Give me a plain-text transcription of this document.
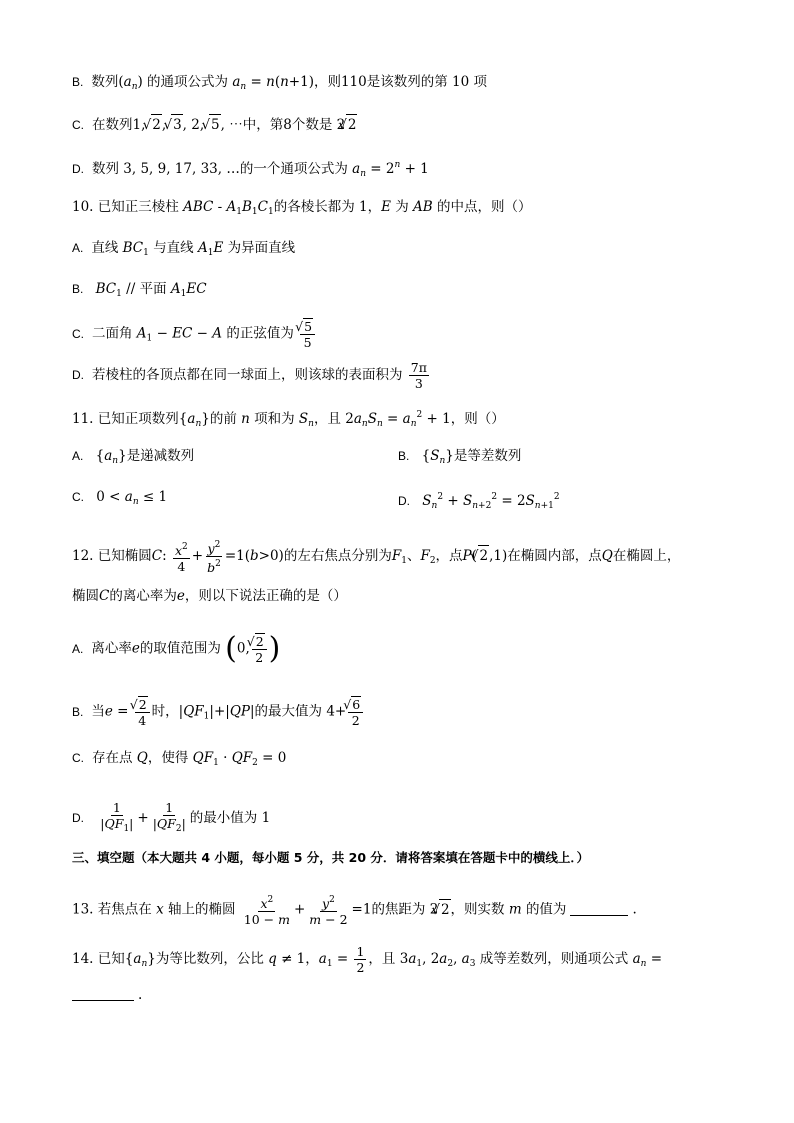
B. 数列$(a_n)$ 的通项公式为 $a_n = n(n+1)$，则110是该数列的第 10 项
C. 在数列1, √ 2, √ 3, 2, √ 5, ⋯中，第8个数是 2 √ 2
D. 数列 3, 5, 9, 17, 33, …的一个通项公式为 $a_n = 2^n + 1$
10. 已知正三棱柱 ABC - $A_1B_1C_1$的各棱长都为 1，E 为 AB 的中点，则（）
A. 直线 $BC_1$ 与直线 $A_1E$ 为异面直线
B. $BC_1$ // 平面 $A_1EC$
C. 二面角 $A_1$ − EC − A 的正弦值为 √ $\frac{5}{5}$
D. 若棱柱的各顶点都在同一球面上，则该球的表面积为 $\frac{7\pi}{3}$
11. 已知正项数列$\{a_n\}$的前 n 项和为 $S_n$，且 $2a_nS_n = a_n^2 + 1$，则（）
A. $\{a_n\}$是递减数列	B. $\{S_n\}$是等差数列
C. $0 < a_n \le 1$	D. $S_n^2 + S_{n+2}^2 = 2S_{n+1}^2$
12. 已知椭圆C: $\frac{x^2}{4} + \frac{y^2}{b^2} =1(b>0)$的左右焦点分别为$F_1$、$F_2$，点P( √ 2,1)在椭圆内部，点Q在椭圆上，
椭圆C的离心率为e，则以下说法正确的是（）
A. 离心率e的取值范围为 (0, √ $\frac{2}{2}$ )
B. 当e = √ $\frac{2}{4}$ 时，$|QF_1|+|QP|$的最大值为 4+ √ $\frac{6}{2}$
C. 存在点 Q，使得 $QF_1 \cdot QF_2 = 0$
D. $\frac{1}{|QF_1|} + \frac{1}{|QF_2|}$ 的最小值为 1
三、填空题（本大题共 4 小题，每小题 5 分，共 20 分．请将答案填在答题卡中的横线上．）
13. 若焦点在 x 轴上的椭圆 $\frac{x^2}{10 - m} + \frac{y^2}{m - 2} =1$的焦距为 2 √ 2，则实数 m 的值为	.
14. 已知$\{a_n\}$为等比数列，公比 q ≠ 1，$a_1 = \frac{1}{2}$ ，且 $3a_1$, $2a_2$, $a_3$ 成等差数列，则通项公式 $a_n$ =
.
